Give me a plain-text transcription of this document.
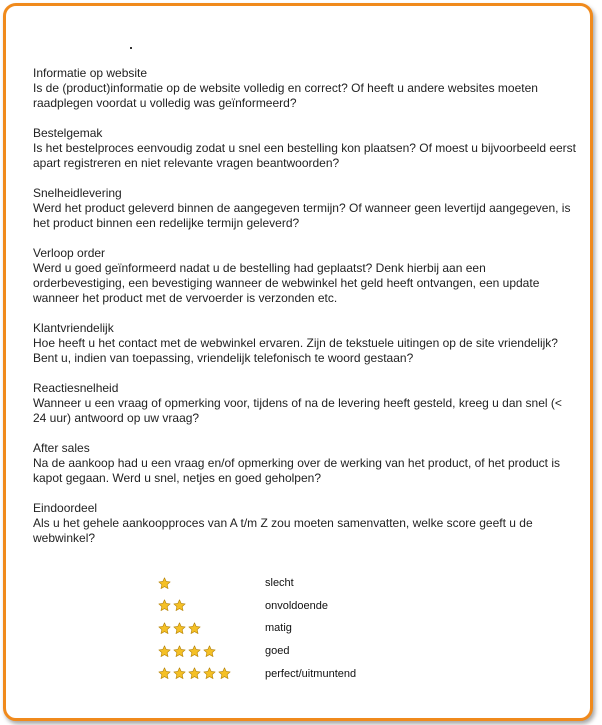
Informatie op website
Is de (product)informatie op de website volledig en correct? Of heeft u andere websites moeten raadplegen voordat u volledig was geïnformeerd?
Bestelgemak
Is het bestelproces eenvoudig zodat u snel een bestelling kon plaatsen? Of moest u bijvoorbeeld eerst apart registreren en niet relevante vragen beantwoorden?
Snelheidlevering
Werd het product geleverd binnen de aangegeven termijn? Of wanneer geen levertijd aangegeven, is het product binnen een redelijke termijn geleverd?
Verloop order
Werd u goed geïnformeerd nadat u de bestelling had geplaatst? Denk hierbij aan een orderbevestiging, een bevestiging wanneer de webwinkel het geld heeft ontvangen, een update wanneer het product met de vervoerder is verzonden etc.
Klantvriendelijk
Hoe heeft u het contact met de webwinkel ervaren. Zijn de tekstuele uitingen op de site vriendelijk? Bent u, indien van toepassing, vriendelijk telefonisch te woord gestaan?
Reactiesnelheid
Wanneer u een vraag of opmerking voor, tijdens of na de levering heeft gesteld, kreeg u dan snel (< 24 uur) antwoord op uw vraag?
After sales
Na de aankoop had u een vraag en/of opmerking over de werking van het product, of het product is kapot gegaan. Werd u snel, netjes en goed geholpen?
Eindoordeel
Als u het gehele aankoopproces van A t/m Z zou moeten samenvatten, welke score geeft u de webwinkel?
slecht
onvoldoende
matig
goed
perfect/uitmuntend
